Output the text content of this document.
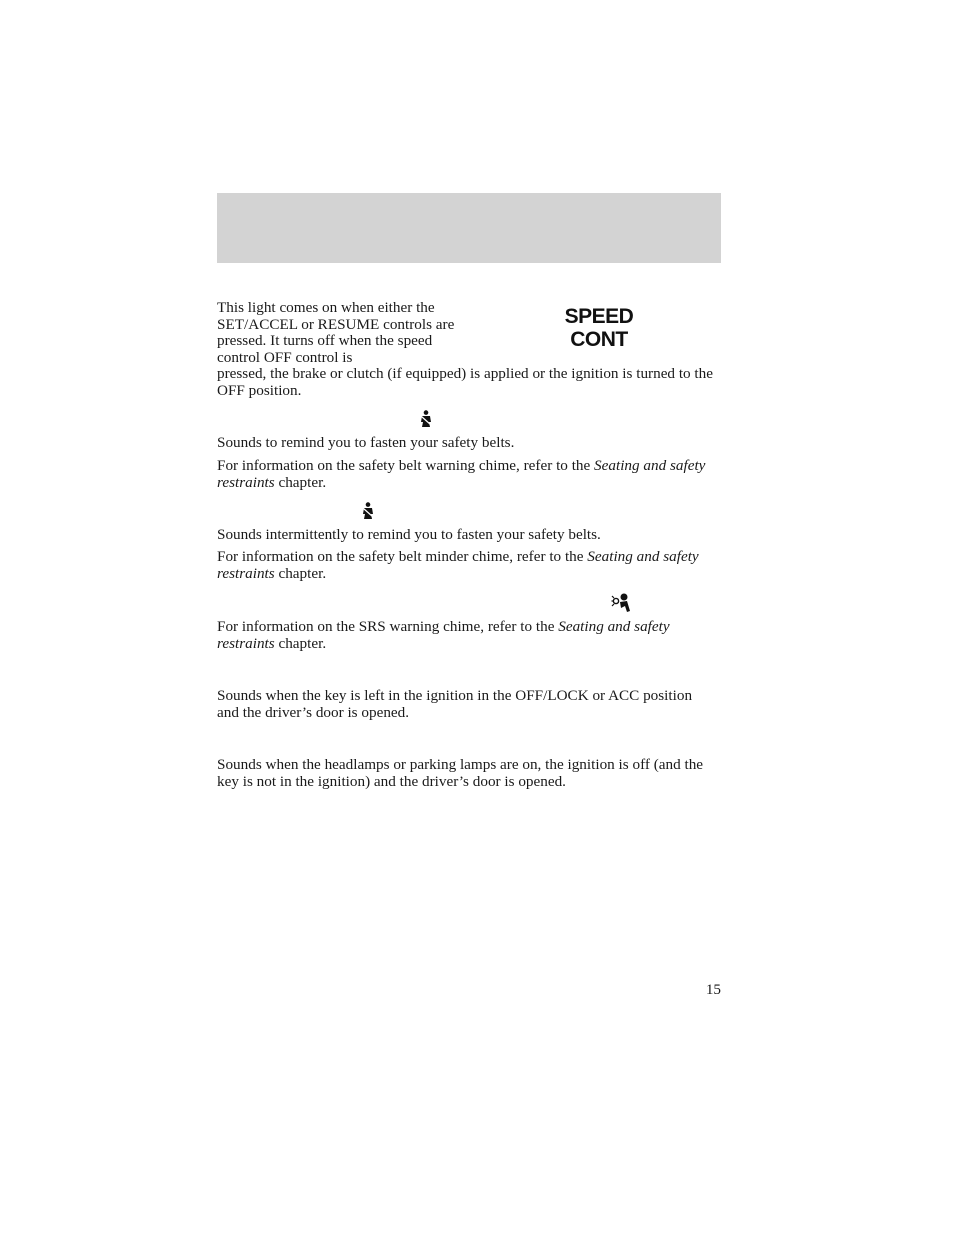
This light comes on when either the SET/ACCEL or RESUME controls are pressed. It turns off when the speed control OFF control is

SPEED
CONT

pressed, the brake or clutch (if equipped) is applied or the ignition is turned to the OFF position.

Sounds to remind you to fasten your safety belts.

For information on the safety belt warning chime, refer to the Seating and safety restraints chapter.

Sounds intermittently to remind you to fasten your safety belts.

For information on the safety belt minder chime, refer to the Seating and safety restraints chapter.

For information on the SRS warning chime, refer to the Seating and safety restraints chapter.

Sounds when the key is left in the ignition in the OFF/LOCK or ACC position and the driver’s door is opened.

Sounds when the headlamps or parking lamps are on, the ignition is off (and the key is not in the ignition) and the driver’s door is opened.

15
